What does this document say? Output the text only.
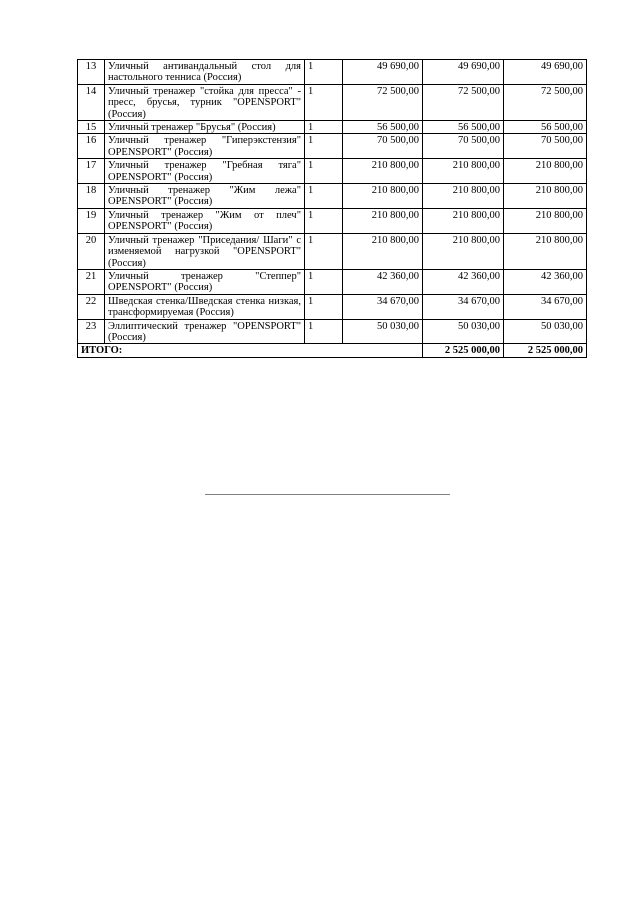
13	Уличный антивандальный стол для настольного тенниса (Россия)	1	49 690,00	49 690,00	49 690,00
14	Уличный тренажер "стойка для пресса" - пресс, брусья, турник "OPENSPORT" (Россия)	1	72 500,00	72 500,00	72 500,00
15	Уличный тренажер "Брусья" (Россия)	1	56 500,00	56 500,00	56 500,00
16	Уличный тренажер "Гиперэкстензия" OPENSPORT" (Россия)	1	70 500,00	70 500,00	70 500,00
17	Уличный тренажер "Гребная тяга" OPENSPORT" (Россия)	1	210 800,00	210 800,00	210 800,00
18	Уличный тренажер "Жим лежа" OPENSPORT" (Россия)	1	210 800,00	210 800,00	210 800,00
19	Уличный тренажер "Жим от плеч" OPENSPORT" (Россия)	1	210 800,00	210 800,00	210 800,00
20	Уличный тренажер "Приседания/ Шаги" с изменяемой нагрузкой "OPENSPORT" (Россия)	1	210 800,00	210 800,00	210 800,00
21	Уличный тренажер "Степпер" OPENSPORT" (Россия)	1	42 360,00	42 360,00	42 360,00
22	Шведская стенка/Шведская стенка низкая, трансформируемая (Россия)	1	34 670,00	34 670,00	34 670,00
23	Эллиптический тренажер "OPENSPORT" (Россия)	1	50 030,00	50 030,00	50 030,00
ИТОГО:				2 525 000,00	2 525 000,00
